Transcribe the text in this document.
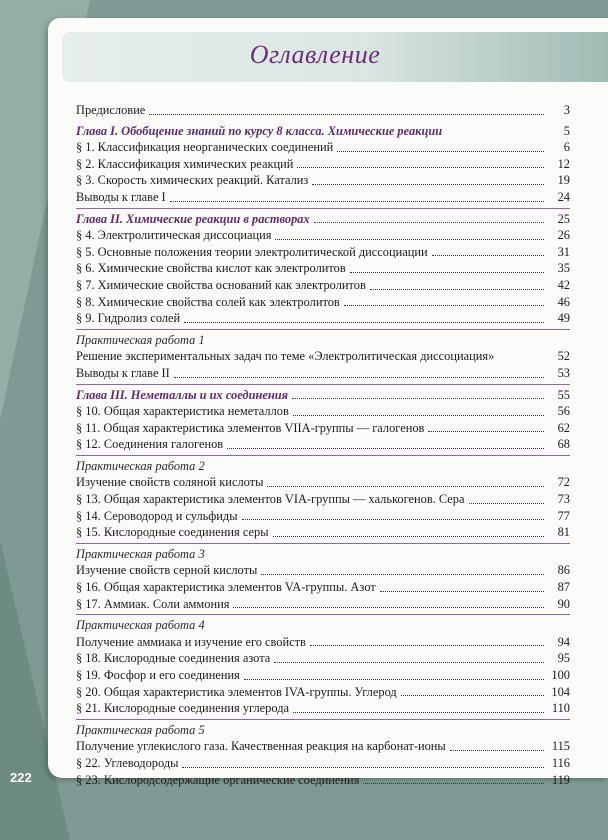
Оглавление
Предисловие	3
Глава I. Обобщение знаний по курсу 8 класса. Химические реакции	5
§ 1. Классификация неорганических соединений	6
§ 2. Классификация химических реакций	12
§ 3. Скорость химических реакций. Катализ	19
Выводы к главе I	24
Глава II. Химические реакции в растворах	25
§ 4. Электролитическая диссоциация	26
§ 5. Основные положения теории электролитической диссоциации	31
§ 6. Химические свойства кислот как электролитов	35
§ 7. Химические свойства оснований как электролитов	42
§ 8. Химические свойства солей как электролитов	46
§ 9. Гидролиз солей	49
Практическая работа 1
Решение экспериментальных задач по теме «Электролитическая диссоциация»	52
Выводы к главе II	53
Глава III. Неметаллы и их соединения	55
§ 10. Общая характеристика неметаллов	56
§ 11. Общая характеристика элементов VIIA-группы — галогенов	62
§ 12. Соединения галогенов	68
Практическая работа 2
Изучение свойств соляной кислоты	72
§ 13. Общая характеристика элементов VIA-группы — халькогенов. Сера	73
§ 14. Сероводород и сульфиды	77
§ 15. Кислородные соединения серы	81
Практическая работа 3
Изучение свойств серной кислоты	86
§ 16. Общая характеристика элементов VA-группы. Азот	87
§ 17. Аммиак. Соли аммония	90
Практическая работа 4
Получение аммиака и изучение его свойств	94
§ 18. Кислородные соединения азота	95
§ 19. Фосфор и его соединения	100
§ 20. Общая характеристика элементов IVA-группы. Углерод	104
§ 21. Кислородные соединения углерода	110
Практическая работа 5
Получение углекислого газа. Качественная реакция на карбонат-ионы	115
§ 22. Углеводороды	116
§ 23. Кислородсодержащие органические соединения	119
222
